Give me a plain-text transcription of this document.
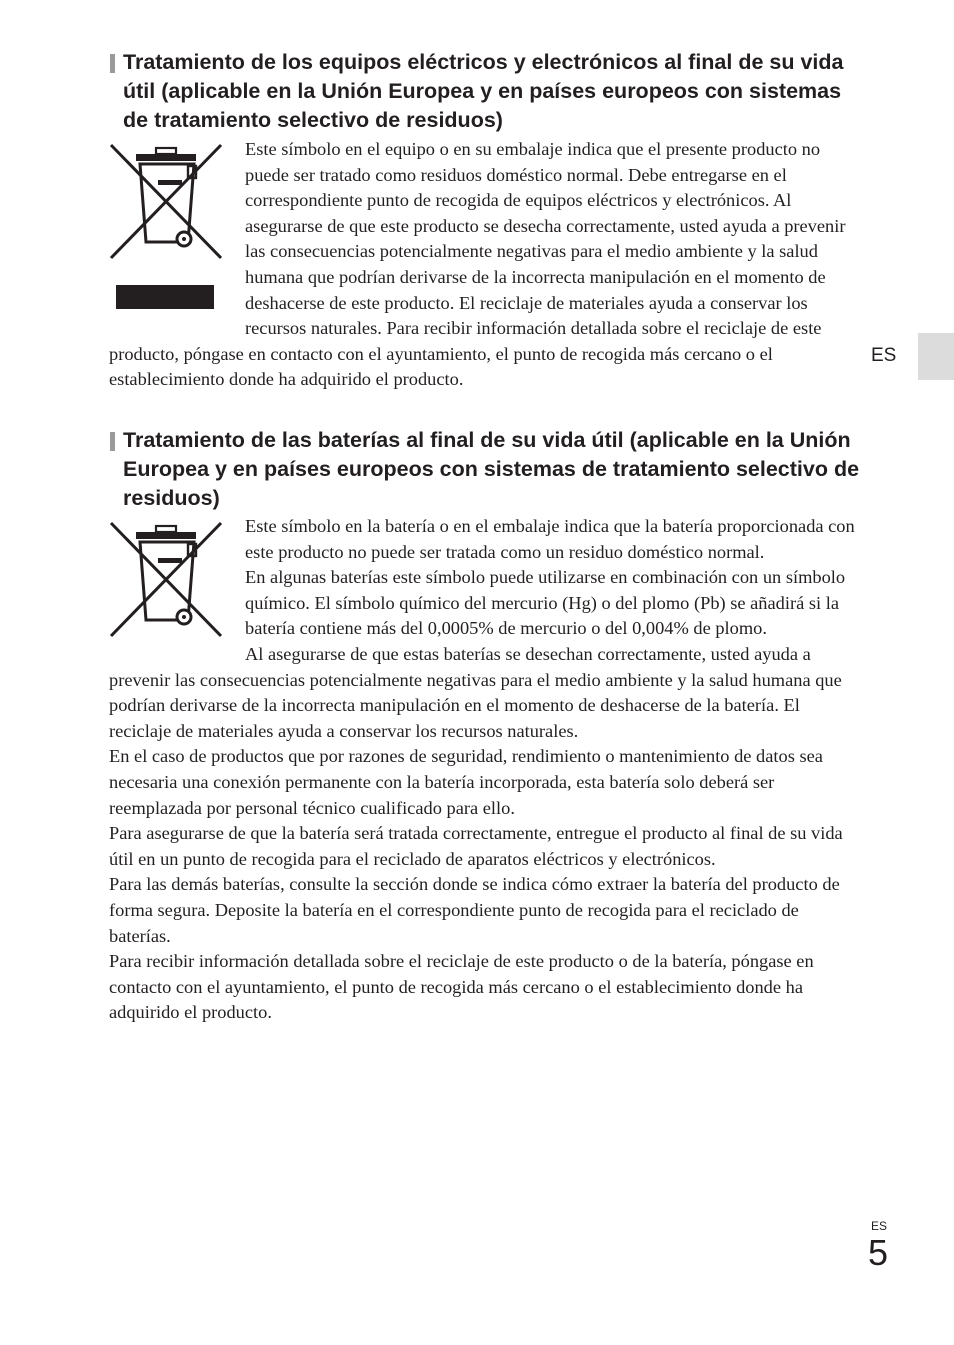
ES
Tratamiento de los equipos eléctricos y electrónicos al final de su vida útil (aplicable en la Unión Europea y en países europeos con sistemas de tratamiento selectivo de residuos)

Este símbolo en el equipo o en su embalaje indica que el presente producto no puede ser tratado como residuos doméstico normal. Debe entregarse en el correspondiente punto de recogida de equipos eléctricos y electrónicos. Al asegurarse de que este producto se desecha correctamente, usted ayuda a prevenir las consecuencias potencialmente negativas para el medio ambiente y la salud humana que podrían derivarse de la incorrecta manipulación en el momento de deshacerse de este producto. El reciclaje de materiales ayuda a conservar los recursos naturales. Para recibir información detallada sobre el reciclaje de este producto, póngase en contacto con el ayuntamiento, el punto de recogida más cercano o el establecimiento donde ha adquirido el producto.

Tratamiento de las baterías al final de su vida útil (aplicable en la Unión Europea y en países europeos con sistemas de tratamiento selectivo de residuos)

Este símbolo en la batería o en el embalaje indica que la batería proporcionada con este producto no puede ser tratada como un residuo doméstico normal.

En algunas baterías este símbolo puede utilizarse en combinación con un símbolo químico. El símbolo químico del mercurio (Hg) o del plomo (Pb) se añadirá si la batería contiene más del 0,0005% de mercurio o del 0,004% de plomo.

Al asegurarse de que estas baterías se desechan correctamente, usted ayuda a prevenir las consecuencias potencialmente negativas para el medio ambiente y la salud humana que podrían derivarse de la incorrecta manipulación en el momento de deshacerse de la batería. El reciclaje de materiales ayuda a conservar los recursos naturales.

En el caso de productos que por razones de seguridad, rendimiento o mantenimiento de datos sea necesaria una conexión permanente con la batería incorporada, esta batería solo deberá ser reemplazada por personal técnico cualificado para ello.

Para asegurarse de que la batería será tratada correctamente, entregue el producto al final de su vida útil en un punto de recogida para el reciclado de aparatos eléctricos y electrónicos.

Para las demás baterías, consulte la sección donde se indica cómo extraer la batería del producto de forma segura. Deposite la batería en el correspondiente punto de recogida para el reciclado de baterías.

Para recibir información detallada sobre el reciclaje de este producto o de la batería, póngase en contacto con el ayuntamiento, el punto de recogida más cercano o el establecimiento donde ha adquirido el producto.

ES
5
